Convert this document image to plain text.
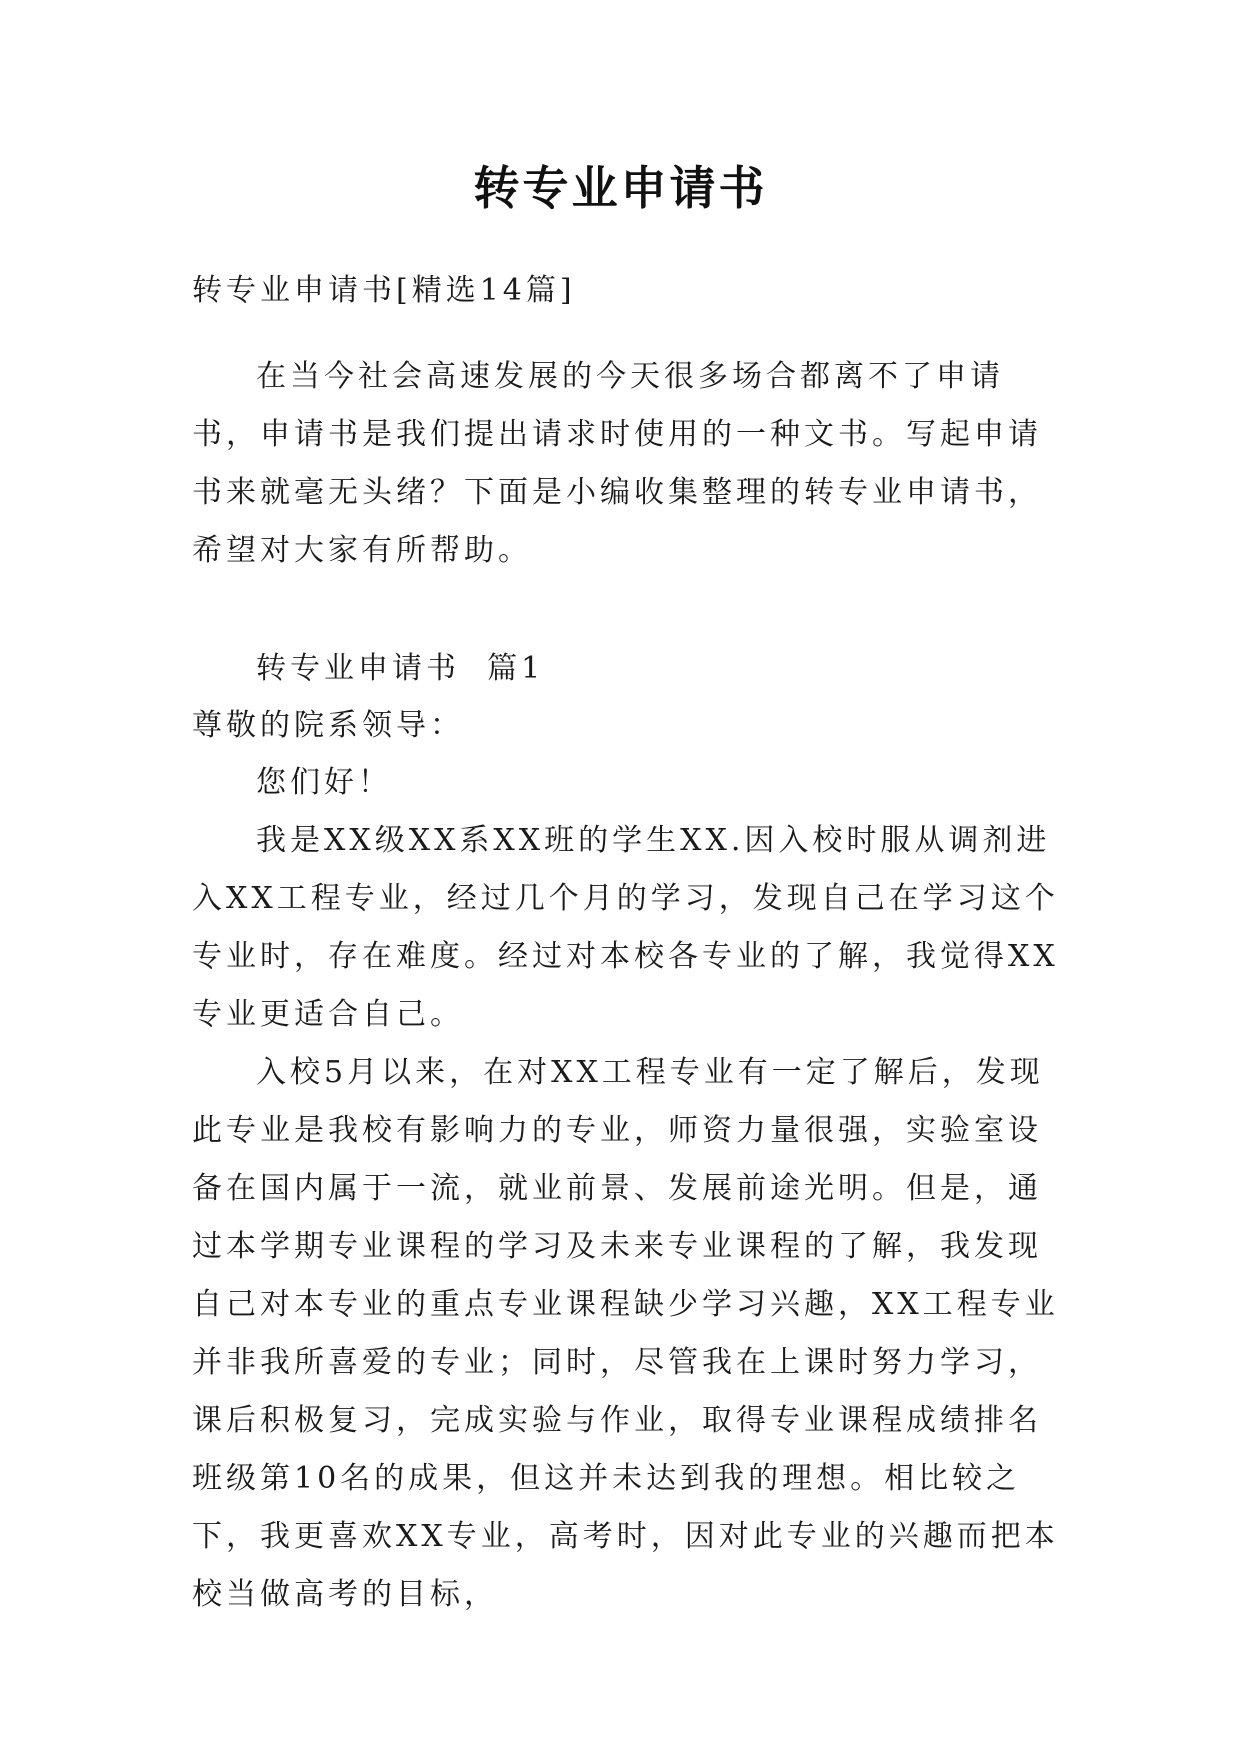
转专业申请书

转专业申请书[精选14篇]

在当今社会高速发展的今天很多场合都离不了申请书，申请书是我们提出请求时使用的一种文书。写起申请书来就毫无头绪？下面是小编收集整理的转专业申请书，希望对大家有所帮助。

转专业申请书  篇1

尊敬的院系领导：

您们好！

我是XX级XX系XX班的学生XX.因入校时服从调剂进入XX工程专业，经过几个月的学习，发现自己在学习这个专业时，存在难度。经过对本校各专业的了解，我觉得XX专业更适合自己。

入校5月以来，在对XX工程专业有一定了解后，发现此专业是我校有影响力的专业，师资力量很强，实验室设备在国内属于一流，就业前景、发展前途光明。但是，通过本学期专业课程的学习及未来专业课程的了解，我发现自己对本专业的重点专业课程缺少学习兴趣，XX工程专业并非我所喜爱的专业；同时，尽管我在上课时努力学习，课后积极复习，完成实验与作业，取得专业课程成绩排名班级第10名的成果，但这并未达到我的理想。相比较之下，我更喜欢XX专业，高考时，因对此专业的兴趣而把本校当做高考的目标，
